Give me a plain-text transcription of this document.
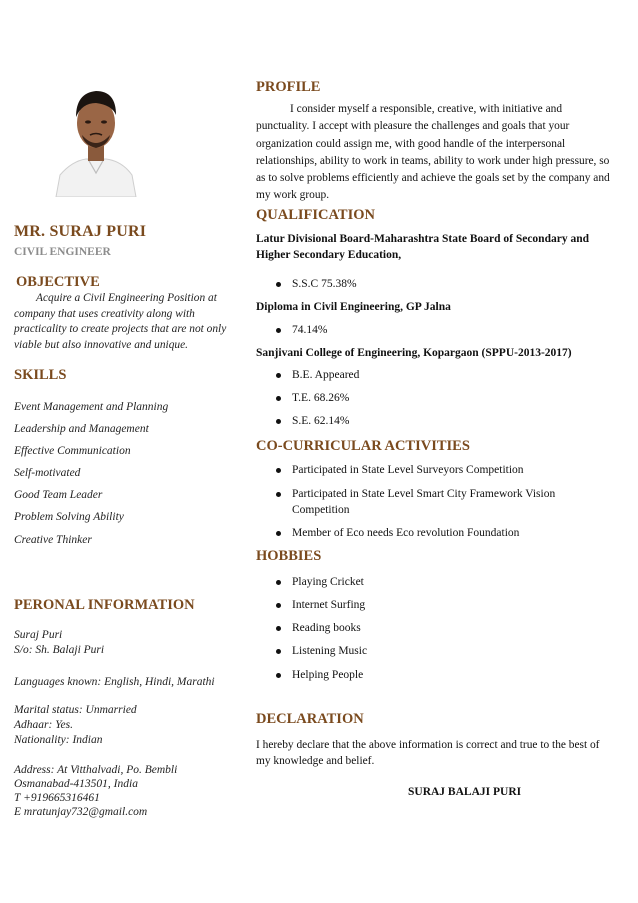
MR. SURAJ PURI
CIVIL ENGINEER
OBJECTIVE
Acquire a Civil Engineering Position at company that uses creativity along with practicality to create projects that are not only viable but also innovative and unique.
SKILLS
Event Management and Planning
Leadership and Management
Effective Communication
Self-motivated
Good Team Leader
Problem Solving Ability
Creative Thinker
PERONAL INFORMATION
Suraj Puri
S/o: Sh. Balaji Puri
Languages known: English, Hindi, Marathi
Marital status: Unmarried
Adhaar: Yes.
Nationality: Indian
Address: At Vitthalvadi, Po. Bembli
Osmanabad-413501, India
T +919665316461
E mratunjay732@gmail.com
PROFILE
I consider myself a responsible, creative, with initiative and punctuality. I accept with pleasure the challenges and goals that your organization could assign me, with good handle of the interpersonal relationships, ability to work in teams, ability to work under high pressure, so as to solve problems efficiently and achieve the goals set by the company and my work group.
QUALIFICATION
Latur Divisional Board-Maharashtra State Board of Secondary and Higher Secondary Education,
S.S.C 75.38%
Diploma in Civil Engineering, GP Jalna
74.14%
Sanjivani College of Engineering, Kopargaon (SPPU-2013-2017)
B.E. Appeared
T.E. 68.26%
S.E. 62.14%
CO-CURRICULAR ACTIVITIES
Participated in State Level Surveyors Competition
Participated in State Level Smart City Framework Vision Competition
Member of Eco needs Eco revolution Foundation
HOBBIES
Playing Cricket
Internet Surfing
Reading books
Listening Music
Helping People
DECLARATION
I hereby declare that the above information is correct and true to the best of my knowledge and belief.
SURAJ BALAJI PURI
